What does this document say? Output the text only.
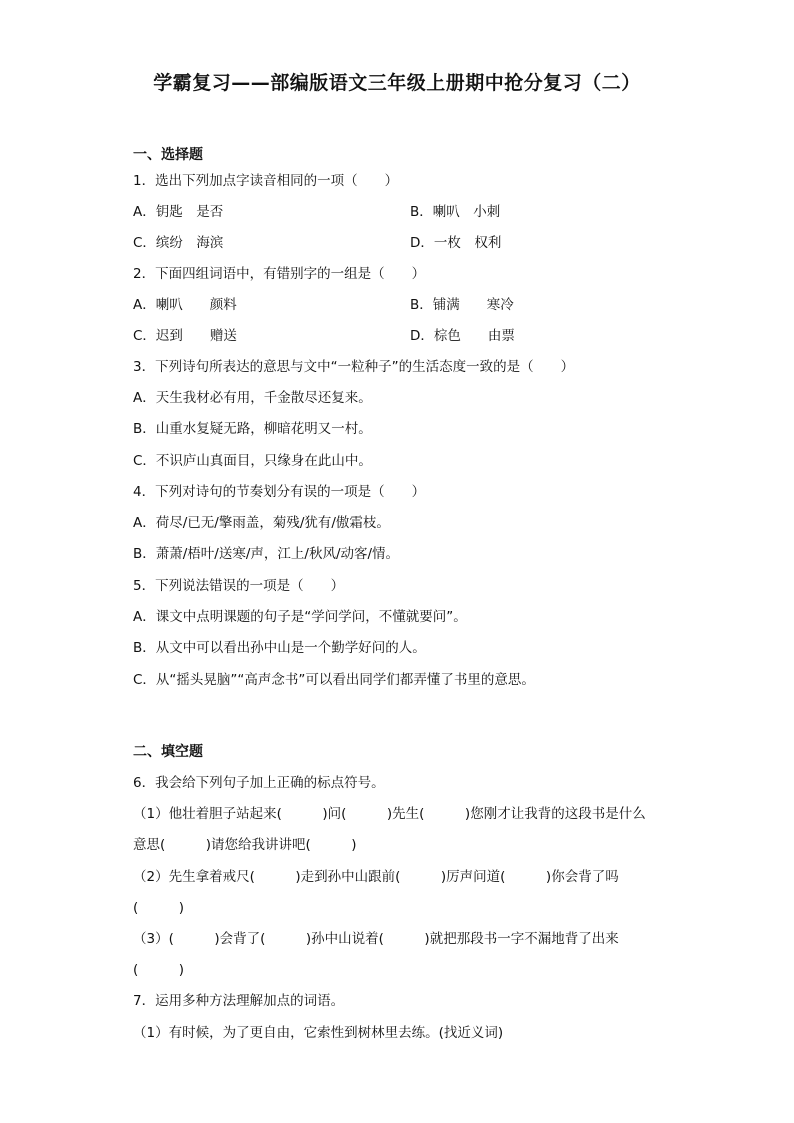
学霸复习——部编版语文三年级上册期中抢分复习（二）
一、选择题
1．选出下列加点字读音相同的一项（　　）
A．钥匙　是否	B．喇叭　小刺
C．缤纷　海滨	D．一枚　权利
2．下面四组词语中，有错别字的一组是（　　）
A．喇叭　　颜料	B．铺满　　寒冷
C．迟到　　赠送	D．棕色　　由票
3．下列诗句所表达的意思与文中“一粒种子”的生活态度一致的是（　　）
A．天生我材必有用，千金散尽还复来。
B．山重水复疑无路，柳暗花明又一村。
C．不识庐山真面目，只缘身在此山中。
4．下列对诗句的节奏划分有误的一项是（　　）
A．荷尽/已无/擎雨盖，菊残/犹有/傲霜枝。
B．萧萧/梧叶/送寒/声，江上/秋风/动客/情。
5．下列说法错误的一项是（　　）
A．课文中点明课题的句子是“学问学问，不懂就要问”。
B．从文中可以看出孙中山是一个勤学好问的人。
C．从“摇头晃脑”“高声念书”可以看出同学们都弄懂了书里的意思。
二、填空题
6．我会给下列句子加上正确的标点符号。
（1）他壮着胆子站起来(　　　)问(　　　)先生(　　　)您刚才让我背的这段书是什么
意思(　　　)请您给我讲讲吧(　　　)
（2）先生拿着戒尺(　　　)走到孙中山跟前(　　　)厉声问道(　　　)你会背了吗
(　　　)
（3）(　　　)会背了(　　　)孙中山说着(　　　)就把那段书一字不漏地背了出来
(　　　)
7．运用多种方法理解加点的词语。
（1）有时候，为了更自由，它索性到树林里去练。(找近义词)
